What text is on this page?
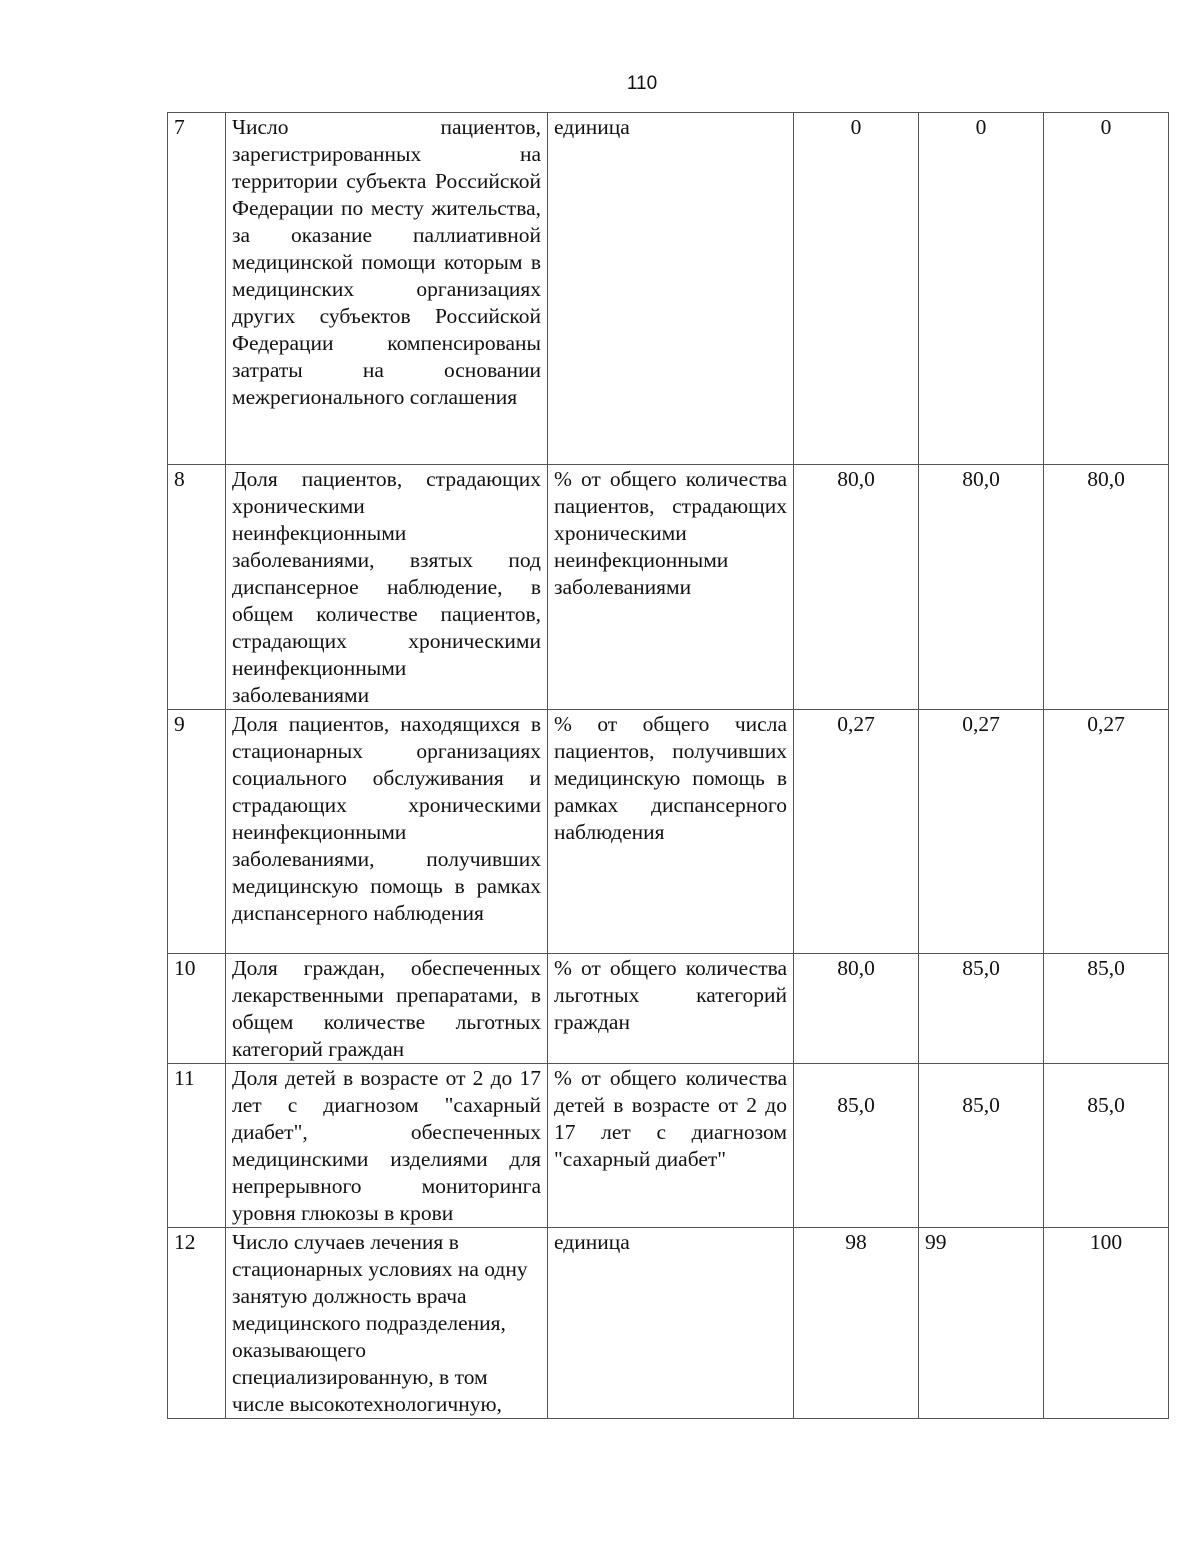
110
7	Число пациентов, зарегистрированных на территории субъекта Российской Федерации по месту жительства, за оказание паллиативной медицинской помощи которым в медицинских организациях других субъектов Российской Федерации компенсированы затраты на основании межрегионального соглашения	единица	0	0	0
8	Доля пациентов, страдающих хроническими неинфекционными заболеваниями, взятых под диспансерное наблюдение, в общем количестве пациентов, страдающих хроническими неинфекционными заболеваниями	% от общего количества пациентов, страдающих хроническими неинфекционными заболеваниями	80,0	80,0	80,0
9	Доля пациентов, находящихся в стационарных организациях социального обслуживания и страдающих хроническими неинфекционными заболеваниями, получивших медицинскую помощь в рамках диспансерного наблюдения	% от общего числа пациентов, получивших медицинскую помощь в рамках диспансерного наблюдения	0,27	0,27	0,27
10	Доля граждан, обеспеченных лекарственными препаратами, в общем количестве льготных категорий граждан	% от общего количества льготных категорий граждан	80,0	85,0	85,0
11	Доля детей в возрасте от 2 до 17 лет с диагнозом "сахарный диабет", обеспеченных медицинскими изделиями для непрерывного мониторинга уровня глюкозы в крови	% от общего количества детей в возрасте от 2 до 17 лет с диагнозом "сахарный диабет"	85,0	85,0	85,0
12	Число случаев лечения в стационарных условиях на одну занятую должность врача медицинского подразделения, оказывающего специализированную, в том числе высокотехнологичную,	единица	98	99	100
